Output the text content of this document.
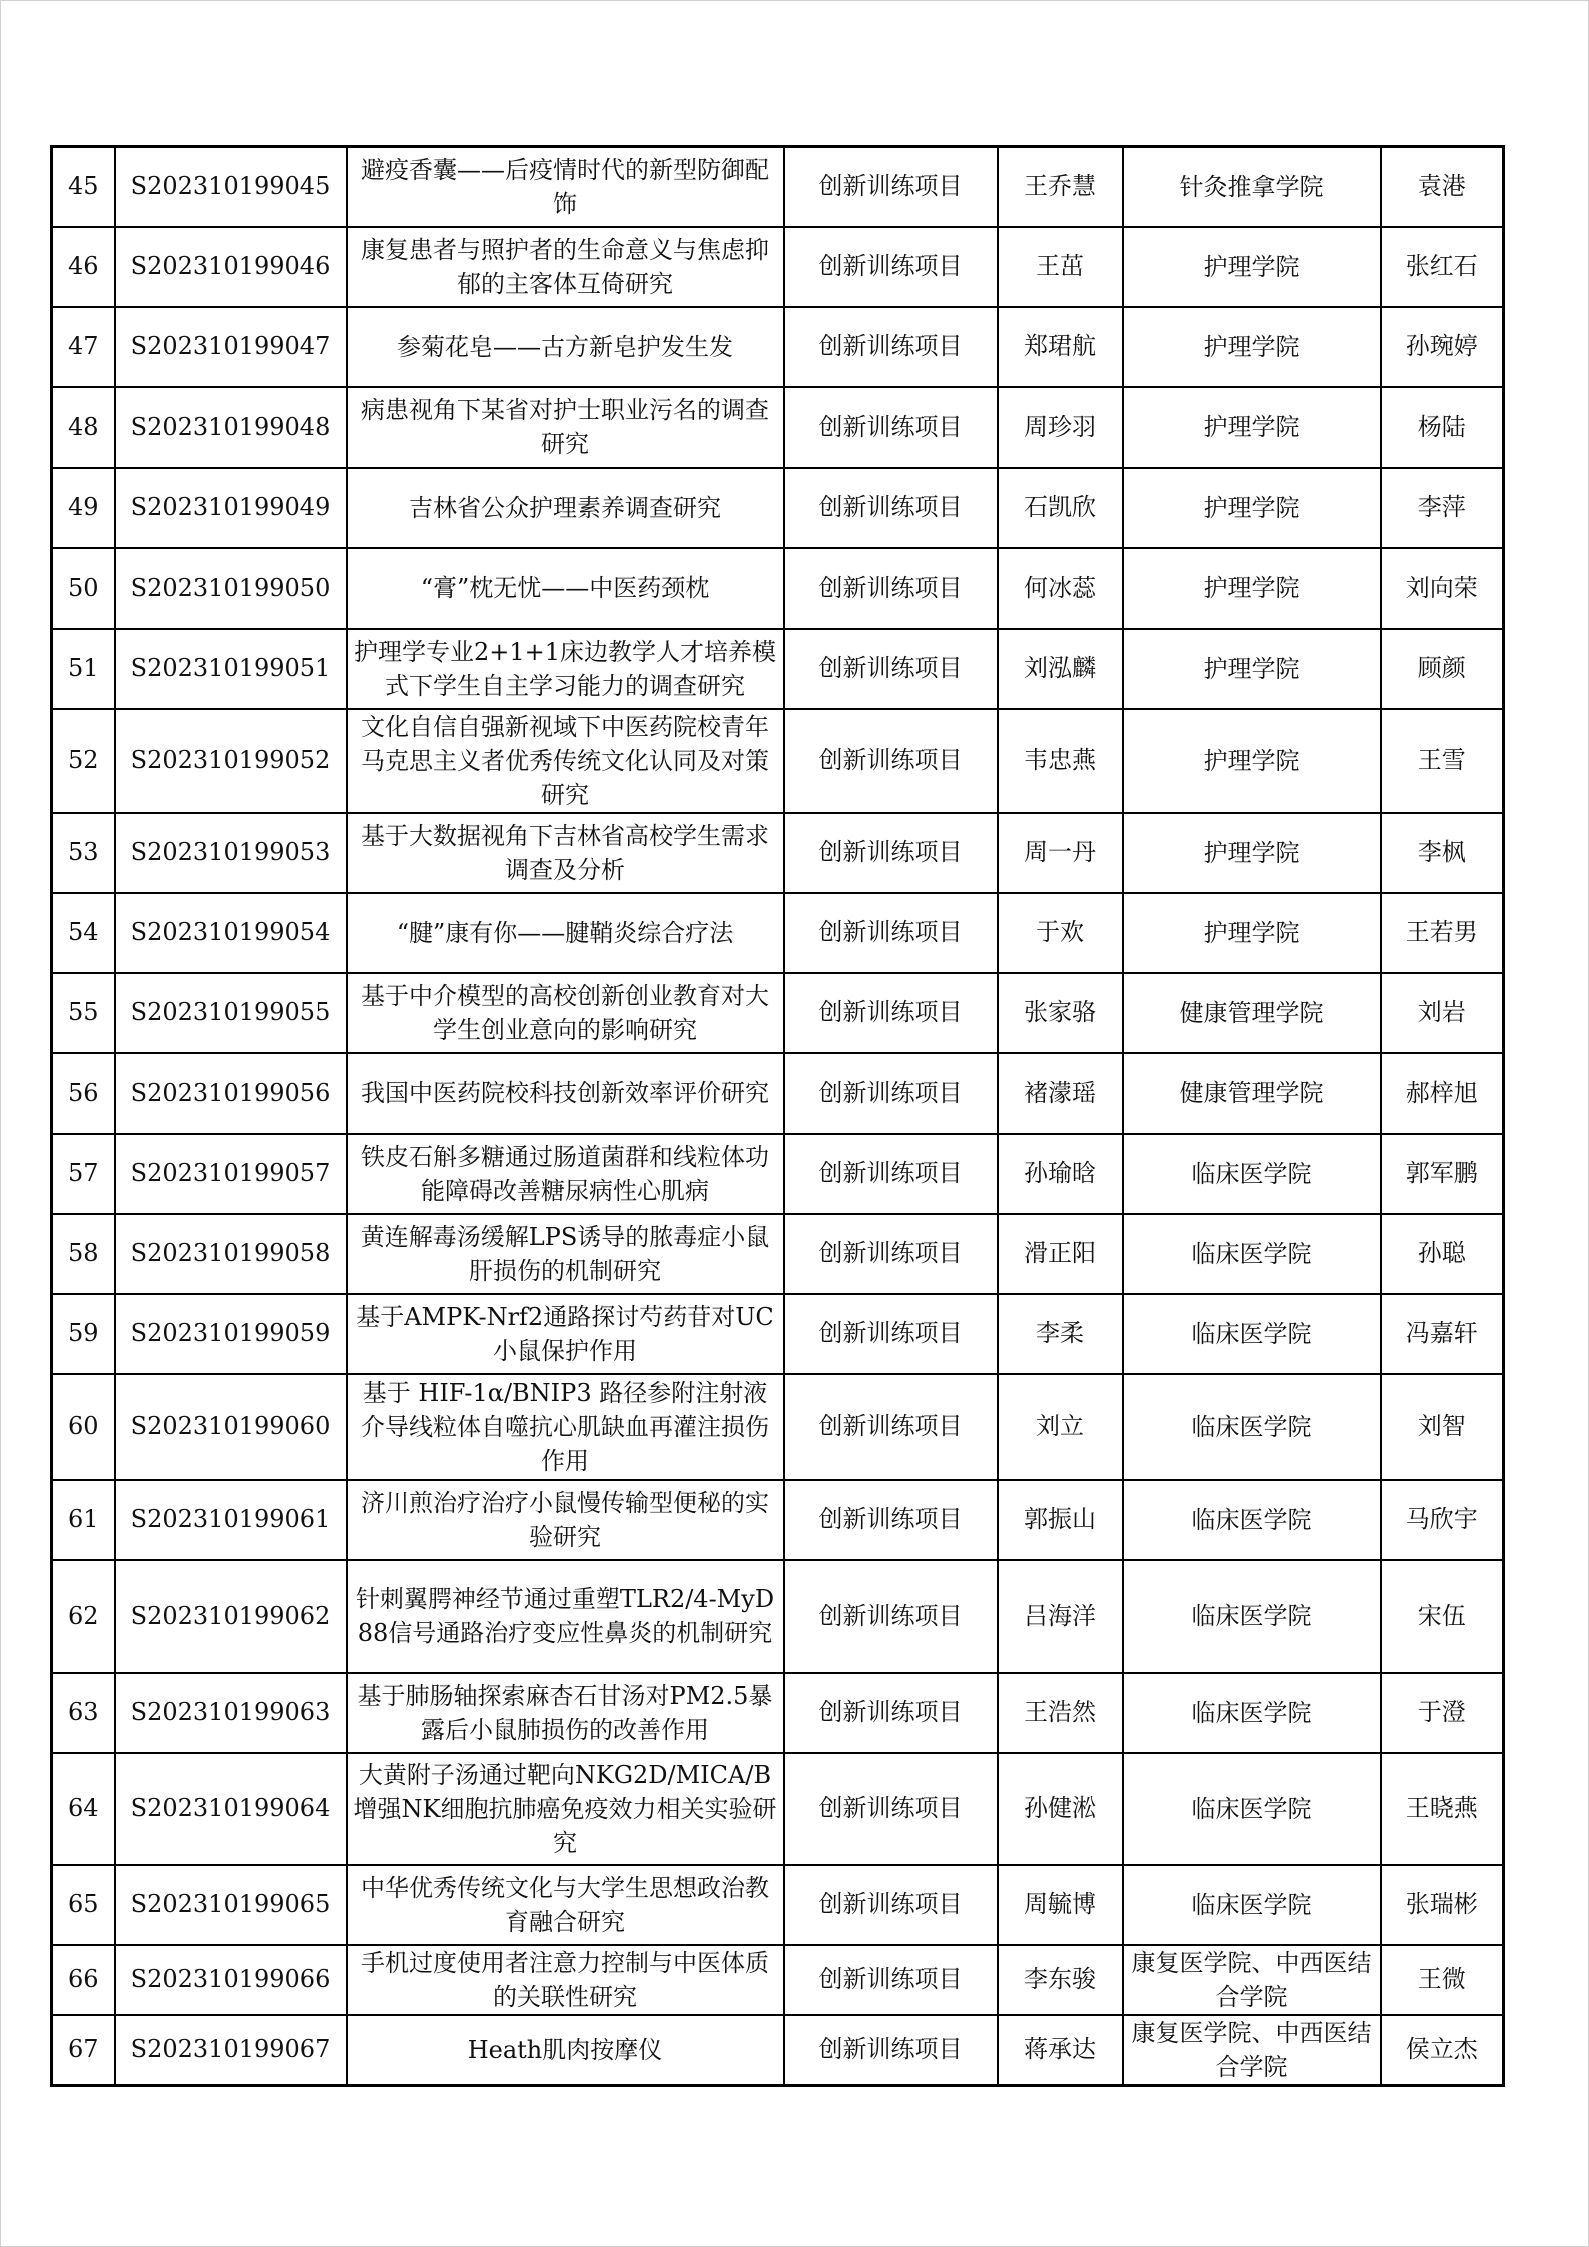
45	S202310199045	避疫香囊——后疫情时代的新型防御配饰	创新训练项目	王乔慧	针灸推拿学院	袁港
46	S202310199046	康复患者与照护者的生命意义与焦虑抑郁的主客体互倚研究	创新训练项目	王茁	护理学院	张红石
47	S202310199047	参菊花皂——古方新皂护发生发	创新训练项目	郑珺航	护理学院	孙琬婷
48	S202310199048	病患视角下某省对护士职业污名的调查研究	创新训练项目	周珍羽	护理学院	杨陆
49	S202310199049	吉林省公众护理素养调查研究	创新训练项目	石凯欣	护理学院	李萍
50	S202310199050	“膏”枕无忧——中医药颈枕	创新训练项目	何冰蕊	护理学院	刘向荣
51	S202310199051	护理学专业2+1+1床边教学人才培养模式下学生自主学习能力的调查研究	创新训练项目	刘泓麟	护理学院	顾颜
52	S202310199052	文化自信自强新视域下中医药院校青年马克思主义者优秀传统文化认同及对策研究	创新训练项目	韦忠燕	护理学院	王雪
53	S202310199053	基于大数据视角下吉林省高校学生需求调查及分析	创新训练项目	周一丹	护理学院	李枫
54	S202310199054	“腱”康有你——腱鞘炎综合疗法	创新训练项目	于欢	护理学院	王若男
55	S202310199055	基于中介模型的高校创新创业教育对大学生创业意向的影响研究	创新训练项目	张家骆	健康管理学院	刘岩
56	S202310199056	我国中医药院校科技创新效率评价研究	创新训练项目	褚濛瑶	健康管理学院	郝梓旭
57	S202310199057	铁皮石斛多糖通过肠道菌群和线粒体功能障碍改善糖尿病性心肌病	创新训练项目	孙瑜晗	临床医学院	郭军鹏
58	S202310199058	黄连解毒汤缓解LPS诱导的脓毒症小鼠肝损伤的机制研究	创新训练项目	滑正阳	临床医学院	孙聪
59	S202310199059	基于AMPK-Nrf2通路探讨芍药苷对UC小鼠保护作用	创新训练项目	李柔	临床医学院	冯嘉轩
60	S202310199060	基于 HIF-1α/BNIP3 路径参附注射液介导线粒体自噬抗心肌缺血再灌注损伤作用	创新训练项目	刘立	临床医学院	刘智
61	S202310199061	济川煎治疗治疗小鼠慢传输型便秘的实验研究	创新训练项目	郭振山	临床医学院	马欣宇
62	S202310199062	针刺翼腭神经节通过重塑TLR2/4-MyD88信号通路治疗变应性鼻炎的机制研究	创新训练项目	吕海洋	临床医学院	宋伍
63	S202310199063	基于肺肠轴探索麻杏石甘汤对PM2.5暴露后小鼠肺损伤的改善作用	创新训练项目	王浩然	临床医学院	于澄
64	S202310199064	大黄附子汤通过靶向NKG2D/MICA/B 增强NK细胞抗肺癌免疫效力相关实验研究	创新训练项目	孙健淞	临床医学院	王晓燕
65	S202310199065	中华优秀传统文化与大学生思想政治教育融合研究	创新训练项目	周毓博	临床医学院	张瑞彬
66	S202310199066	手机过度使用者注意力控制与中医体质的关联性研究	创新训练项目	李东骏	康复医学院、中西医结合学院	王微
67	S202310199067	Heath肌肉按摩仪	创新训练项目	蒋承达	康复医学院、中西医结合学院	侯立杰
